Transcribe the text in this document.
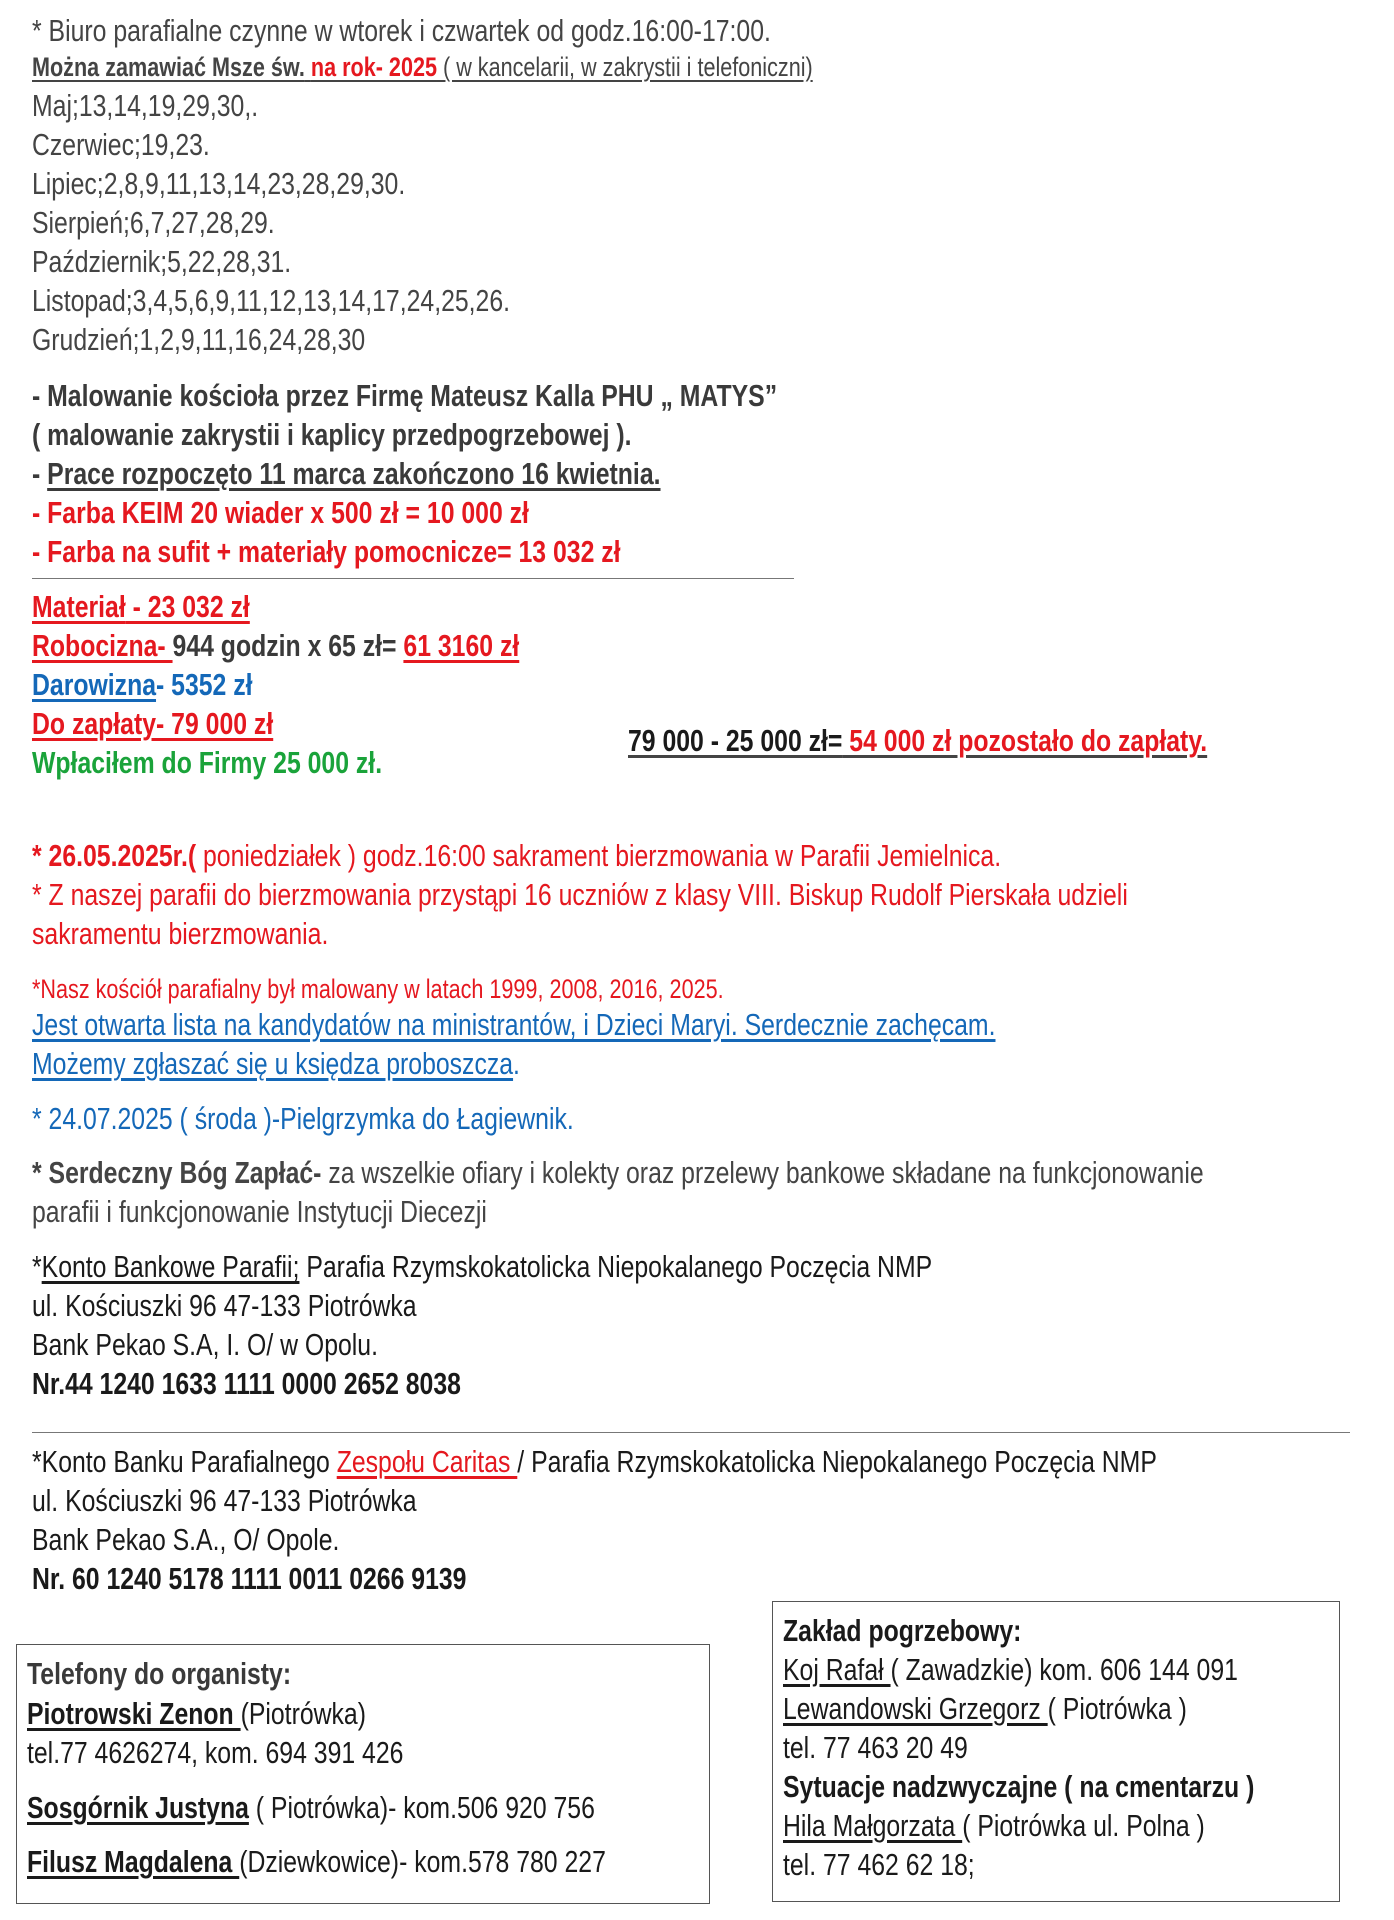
* Biuro parafialne czynne w wtorek i czwartek od godz.16:00-17:00.
Można zamawiać Msze św. na rok- 2025 ( w kancelarii, w zakrystii i telefoniczni)
Maj;13,14,19,29,30,.
Czerwiec;19,23.
Lipiec;2,8,9,11,13,14,23,28,29,30.
Sierpień;6,7,27,28,29.
Październik;5,22,28,31.
Listopad;3,4,5,6,9,11,12,13,14,17,24,25,26.
Grudzień;1,2,9,11,16,24,28,30
- Malowanie kościoła przez Firmę Mateusz Kalla PHU „ MATYS”
( malowanie zakrystii i kaplicy przedpogrzebowej ).
- Prace rozpoczęto 11 marca zakończono 16 kwietnia.
- Farba KEIM 20 wiader x 500 zł = 10 000 zł
- Farba na sufit + materiały pomocnicze= 13 032 zł
Materiał - 23 032 zł
Robocizna- 944 godzin x 65 zł= 61 3160 zł
Darowizna- 5352 zł
Do zapłaty- 79 000 zł
Wpłaciłem do Firmy 25 000 zł.
79 000 - 25 000 zł= 54 000 zł pozostało do zapłaty.
* 26.05.2025r.( poniedziałek ) godz.16:00 sakrament bierzmowania w Parafii Jemielnica.
* Z naszej parafii do bierzmowania przystąpi 16 uczniów z klasy VIII. Biskup Rudolf Pierskała udzieli
sakramentu bierzmowania.
*Nasz kościół parafialny był malowany w latach 1999, 2008, 2016, 2025.
Jest otwarta lista na kandydatów na ministrantów, i Dzieci Maryi. Serdecznie zachęcam.
Możemy zgłaszać się u księdza proboszcza.
* 24.07.2025 ( środa )-Pielgrzymka do Łagiewnik.
* Serdeczny Bóg Zapłać- za wszelkie ofiary i kolekty oraz przelewy bankowe składane na funkcjonowanie
parafii i funkcjonowanie Instytucji Diecezji
*Konto Bankowe Parafii; Parafia Rzymskokatolicka Niepokalanego Poczęcia NMP
ul. Kościuszki 96 47-133 Piotrówka
Bank Pekao S.A, I. O/ w Opolu.
Nr.44 1240 1633 1111 0000 2652 8038
*Konto Banku Parafialnego Zespołu Caritas / Parafia Rzymskokatolicka Niepokalanego Poczęcia NMP
ul. Kościuszki 96 47-133 Piotrówka
Bank Pekao S.A., O/ Opole.
Nr. 60 1240 5178 1111 0011 0266 9139
Telefony do organisty:
Piotrowski Zenon (Piotrówka)
tel.77 4626274, kom. 694 391 426
Sosgórnik Justyna ( Piotrówka)- kom.506 920 756
Filusz Magdalena (Dziewkowice)- kom.578 780 227
Zakład pogrzebowy:
Koj Rafał ( Zawadzkie) kom. 606 144 091
Lewandowski Grzegorz ( Piotrówka )
tel. 77 463 20 49
Sytuacje nadzwyczajne ( na cmentarzu )
Hila Małgorzata ( Piotrówka ul. Polna )
tel. 77 462 62 18;
